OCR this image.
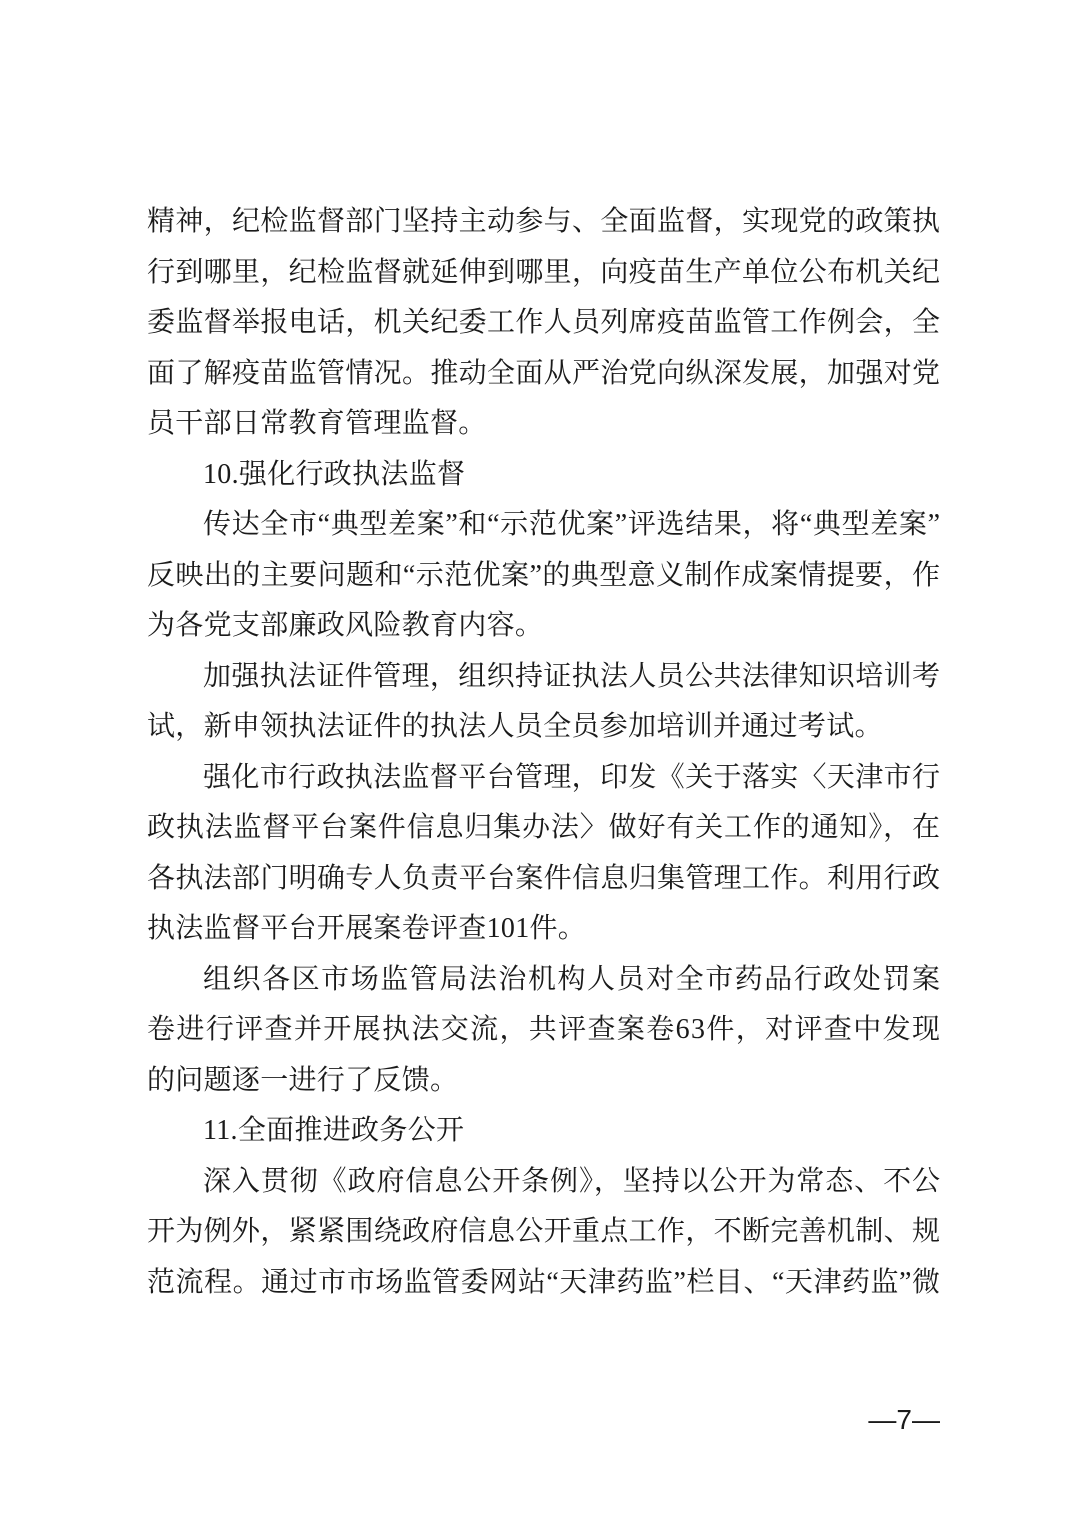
精神，纪检监督部门坚持主动参与、全面监督，实现党的政策执
行到哪里，纪检监督就延伸到哪里，向疫苗生产单位公布机关纪
委监督举报电话，机关纪委工作人员列席疫苗监管工作例会，全
面了解疫苗监管情况。推动全面从严治党向纵深发展，加强对党
员干部日常教育管理监督。
10.强化行政执法监督
传达全市“典型差案”和“示范优案”评选结果，将“典型差案”
反映出的主要问题和“示范优案”的典型意义制作成案情提要，作
为各党支部廉政风险教育内容。
加强执法证件管理，组织持证执法人员公共法律知识培训考
试，新申领执法证件的执法人员全员参加培训并通过考试。
强化市行政执法监督平台管理，印发《关于落实〈天津市行
政执法监督平台案件信息归集办法〉做好有关工作的通知》，在
各执法部门明确专人负责平台案件信息归集管理工作。利用行政
执法监督平台开展案卷评查101件。
组织各区市场监管局法治机构人员对全市药品行政处罚案
卷进行评查并开展执法交流，共评查案卷63件，对评查中发现
的问题逐一进行了反馈。
11.全面推进政务公开
深入贯彻《政府信息公开条例》，坚持以公开为常态、不公
开为例外，紧紧围绕政府信息公开重点工作，不断完善机制、规
范流程。通过市市场监管委网站“天津药监”栏目、“天津药监”微
—7—
